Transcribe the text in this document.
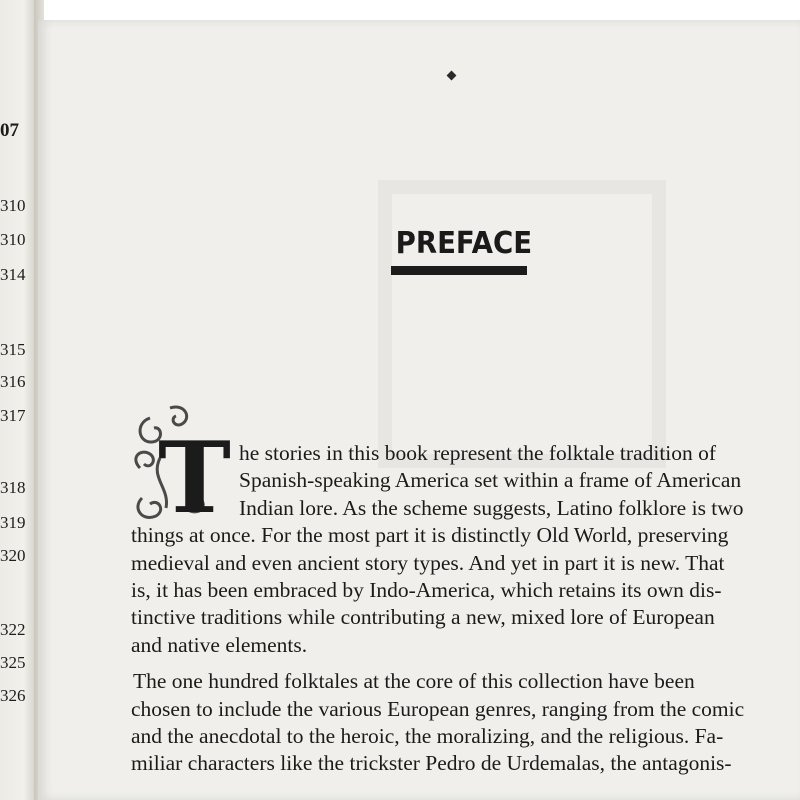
07
310
310
314
315
316
317
318
319
320
322
325
326
PREFACE
T he stories in this book represent the folktale tradition of
Spanish-speaking America set within a frame of American
Indian lore. As the scheme suggests, Latino folklore is two
things at once. For the most part it is distinctly Old World, preserving
medieval and even ancient story types. And yet in part it is new. That
is, it has been embraced by Indo-America, which retains its own dis-
tinctive traditions while contributing a new, mixed lore of European
and native elements.
The one hundred folktales at the core of this collection have been
chosen to include the various European genres, ranging from the comic
and the anecdotal to the heroic, the moralizing, and the religious. Fa-
miliar characters like the trickster Pedro de Urdemalas, the antagonis-
